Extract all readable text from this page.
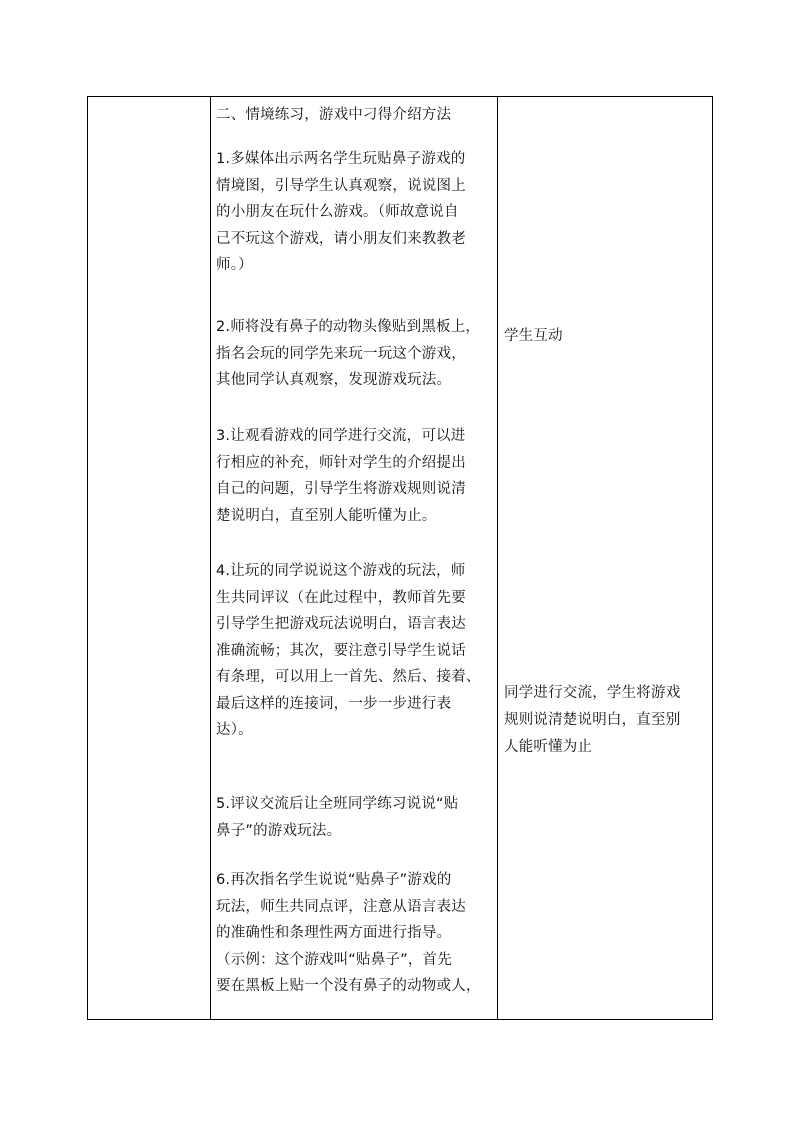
二、情境练习，游戏中刁得介绍方法

1.多媒体出示两名学生玩贴鼻子游戏的
情境图，引导学生认真观察，说说图上
的小朋友在玩什么游戏。（师故意说自
己不玩这个游戏，请小朋友们来教教老
师。）

2.师将没有鼻子的动物头像贴到黑板上，
指名会玩的同学先来玩一玩这个游戏，
其他同学认真观察，发现游戏玩法。

3.让观看游戏的同学进行交流，可以进
行相应的补充，师针对学生的介绍提出
自己的问题，引导学生将游戏规则说清
楚说明白，直至别人能听懂为止。

4.让玩的同学说说这个游戏的玩法，师
生共同评议（在此过程中，教师首先要
引导学生把游戏玩法说明白，语言表达
准确流畅；其次，要注意引导学生说话
有条理，可以用上一首先、然后、接着、
最后这样的连接词，一步一步进行表
达）。

5.评议交流后让全班同学练习说说“贴
鼻子”的游戏玩法。

6.再次指名学生说说“贴鼻子”游戏的
玩法，师生共同点评，注意从语言表达
的准确性和条理性两方面进行指导。
（示例：这个游戏叫“贴鼻子”，首先
要在黑板上贴一个没有鼻子的动物或人，

学生互动

同学进行交流，学生将游戏
规则说清楚说明白，直至别
人能听懂为止
